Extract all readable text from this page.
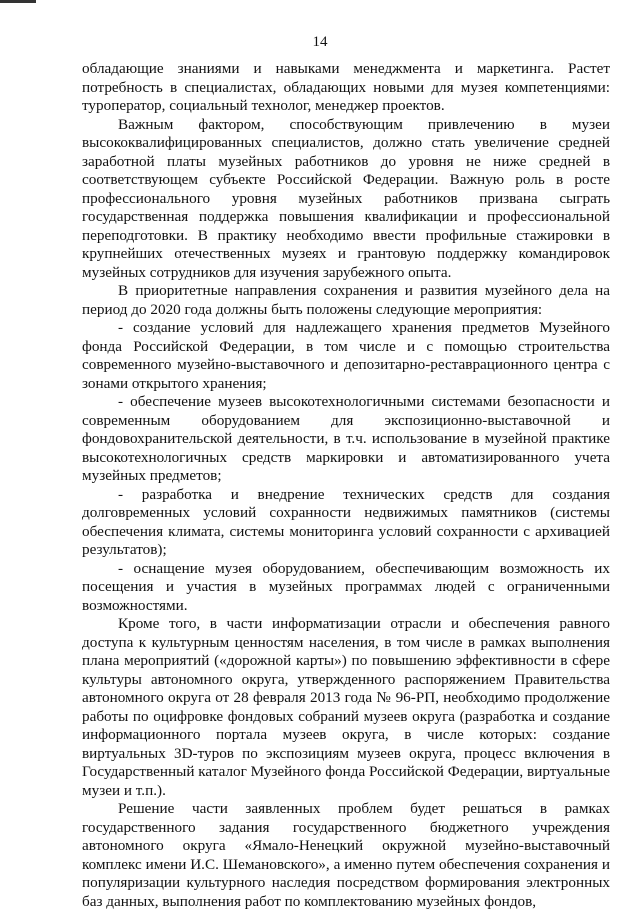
14

обладающие знаниями и навыками менеджмента и маркетинга. Растет потребность в специалистах, обладающих новыми для музея компетенциями: туроператор, социальный технолог, менеджер проектов.

Важным фактором, способствующим привлечению в музеи высококвалифицированных специалистов, должно стать увеличение средней заработной платы музейных работников до уровня не ниже средней в соответствующем субъекте Российской Федерации. Важную роль в росте профессионального уровня музейных работников призвана сыграть государственная поддержка повышения квалификации и профессиональной переподготовки. В практику необходимо ввести профильные стажировки в крупнейших отечественных музеях и грантовую поддержку командировок музейных сотрудников для изучения зарубежного опыта.

В приоритетные направления сохранения и развития музейного дела на период до 2020 года должны быть положены следующие мероприятия:

- создание условий для надлежащего хранения предметов Музейного фонда Российской Федерации, в том числе и с помощью строительства современного музейно-выставочного и депозитарно-реставрационного центра с зонами открытого хранения;

- обеспечение музеев высокотехнологичными системами безопасности и современным оборудованием для экспозиционно-выставочной и фондовохранительской деятельности, в т.ч. использование в музейной практике высокотехнологичных средств маркировки и автоматизированного учета музейных предметов;

- разработка и внедрение технических средств для создания долговременных условий сохранности недвижимых памятников (системы обеспечения климата, системы мониторинга условий сохранности с архивацией результатов);

- оснащение музея оборудованием, обеспечивающим возможность их посещения и участия в музейных программах людей с ограниченными возможностями.

Кроме того, в части информатизации отрасли и обеспечения равного доступа к культурным ценностям населения, в том числе в рамках выполнения плана мероприятий («дорожной карты») по повышению эффективности в сфере культуры автономного округа, утвержденного распоряжением Правительства автономного округа от 28 февраля 2013 года № 96-РП, необходимо продолжение работы по оцифровке фондовых собраний музеев округа (разработка и создание информационного портала музеев округа, в числе которых: создание виртуальных 3D-туров по экспозициям музеев округа, процесс включения в Государственный каталог Музейного фонда Российской Федерации, виртуальные музеи и т.п.).

Решение части заявленных проблем будет решаться в рамках государственного задания государственного бюджетного учреждения автономного округа «Ямало-Ненецкий окружной музейно-выставочный комплекс имени И.С. Шемановского», а именно путем обеспечения сохранения и популяризации культурного наследия посредством формирования электронных баз данных, выполнения работ по комплектованию музейных фондов,
